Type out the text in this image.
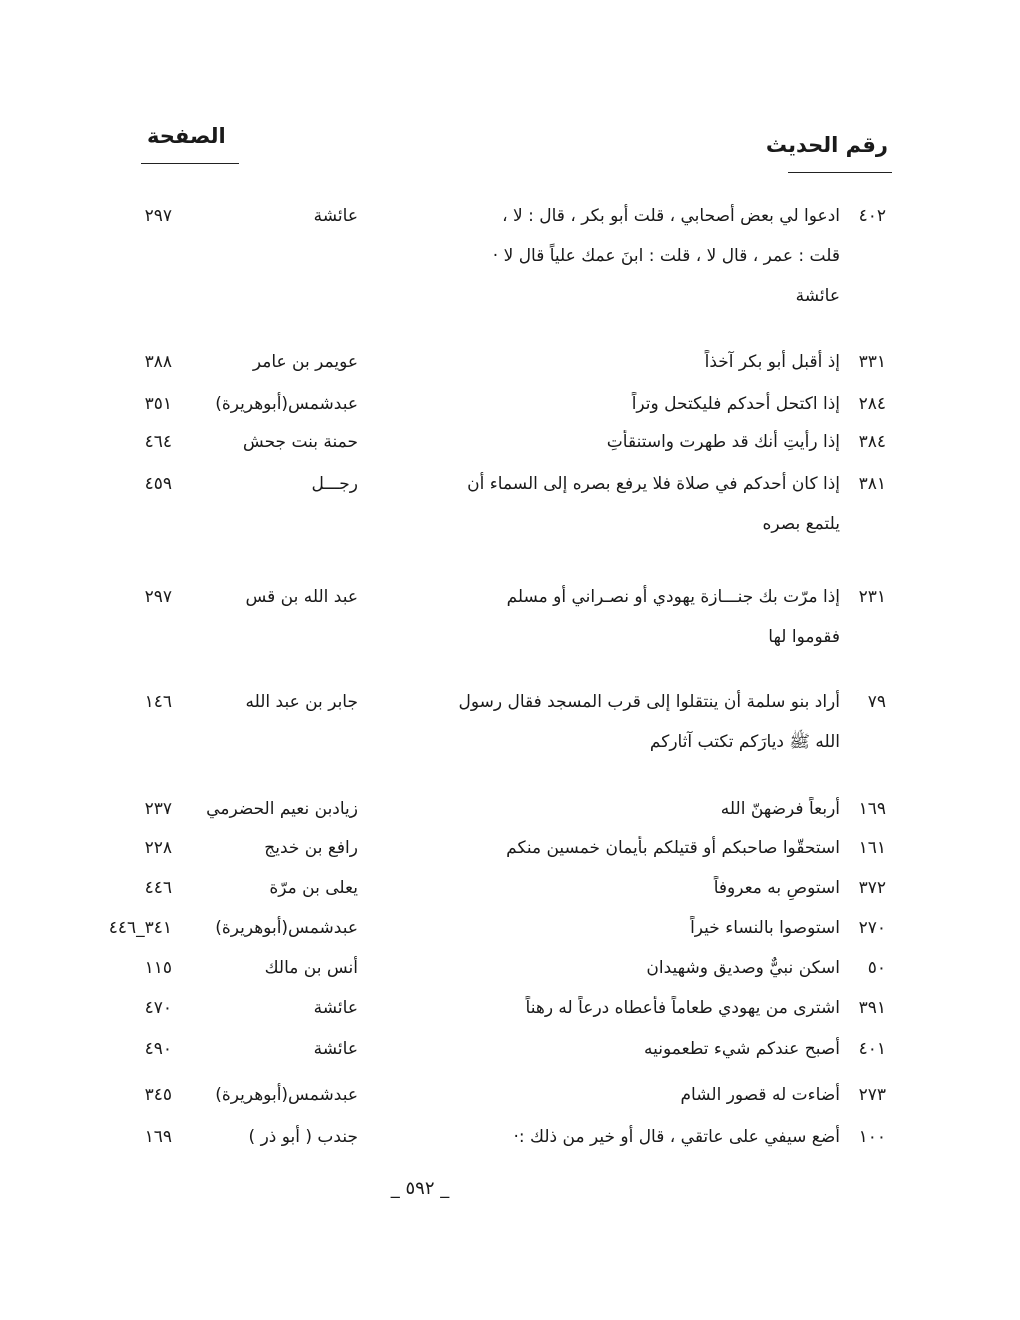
رقم الحديث
الصفحة
٤٠٢
ادعوا لي بعض أصحابي ، قلت أبو بكر ، قال : لا ،
عائشة
٢٩٧
قلت : عمر ، قال لا ، قلت : ابنَ عمك علياً قال لا ·
عائشة
٣٣١
إذ أقبل أبو بكر آخذاً
عويمر بن عامر
٣٨٨
٢٨٤
إذا اكتحل أحدكم فليكتحل وتراً
عبدشمس(أبوهريرة)
٣٥١
٣٨٤
إذا رأيتِ أنك قد طهرت واستنقأتِ
حمنة بنت جحش
٤٦٤
٣٨١
إذا كان أحدكم في صلاة فلا يرفع بصره إلى السماء أن
رجـــل
٤٥٩
يلتمع بصره
٢٣١
إذا مرّت بك جنـــازة يهودي أو نصـراني أو مسلم
عبد الله بن قس
٢٩٧
فقوموا لها
٧٩
أراد بنو سلمة أن ينتقلوا إلى قرب المسجد فقال رسول
جابر بن عبد الله
١٤٦
الله ﷺ ديارَكم تكتب آثاركم
١٦٩
أربعاً فرضهنّ الله
زيادبن نعيم الحضرمي
٢٣٧
١٦١
استحقّوا صاحبكم أو قتيلكم بأيمان خمسين منكم
رافع بن خديج
٢٢٨
٣٧٢
استوصِ به معروفاً
يعلى بن مرّة
٤٤٦
٢٧٠
استوصوا بالنساء خيراً
عبدشمس(أبوهريرة)
٣٤١_٤٤٦
٥٠
اسكن نبيٌّ وصديق وشهيدان
أنس بن مالك
١١٥
٣٩١
اشترى من يهودي طعاماً فأعطاه درعاً له رهناً
عائشة
٤٧٠
٤٠١
أصبح عندكم شيء تطعمونيه
عائشة
٤٩٠
٢٧٣
أضاءت له قصور الشام
عبدشمس(أبوهريرة)
٣٤٥
١٠٠
أضع سيفي على عاتقي ، قال أو خير من ذلك :·
جندب ( أبو ذر )
١٦٩
_ ٥٩٢ _
